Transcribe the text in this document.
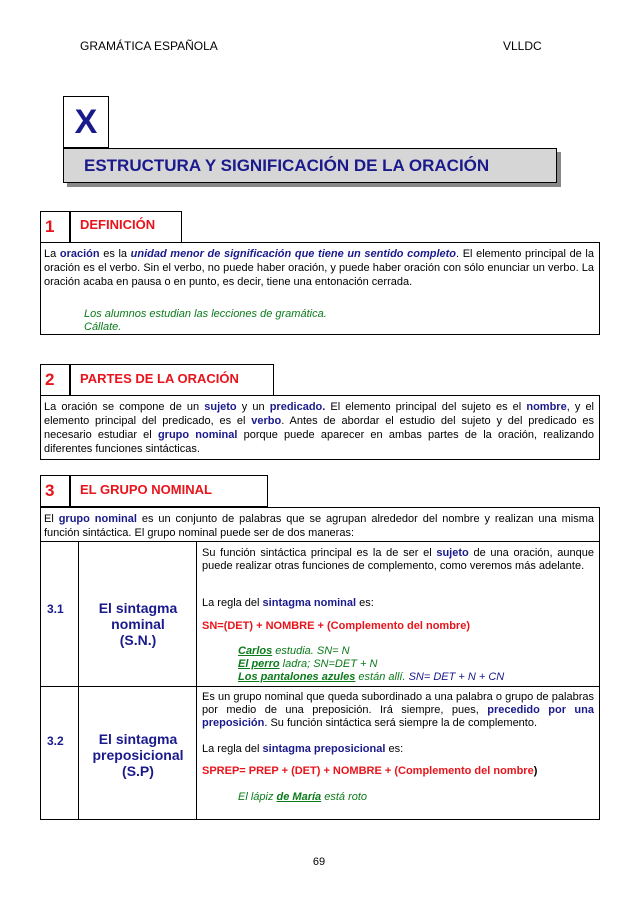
GRAMÁTICA ESPAÑOLA	VLLDC
X
ESTRUCTURA Y SIGNIFICACIÓN DE LA ORACIÓN
1	DEFINICIÓN
La oración es la unidad menor de significación que tiene un sentido completo. El elemento principal de la oración es el verbo. Sin el verbo, no puede haber oración, y puede haber oración con sólo enunciar un verbo. La oración acaba en pausa o en punto, es decir, tiene una entonación cerrada.
Los alumnos estudian las lecciones de gramática.
Cállate.
2	PARTES DE LA ORACIÓN
La oración se compone de un sujeto y un predicado. El elemento principal del sujeto es el nombre, y el elemento principal del predicado, es el verbo. Antes de abordar el estudio del sujeto y del predicado es necesario estudiar el grupo nominal porque puede aparecer en ambas partes de la oración, realizando diferentes funciones sintácticas.
3	EL GRUPO NOMINAL
El grupo nominal es un conjunto de palabras que se agrupan alrededor del nombre y realizan una misma función sintáctica. El grupo nominal puede ser de dos maneras:
3.1	El sintagma
nominal
(S.N.)
Su función sintáctica principal es la de ser el sujeto de una oración, aunque puede realizar otras funciones de complemento, como veremos más adelante.
La regla del sintagma nominal es:
SN=(DET) + NOMBRE + (Complemento del nombre)
Carlos estudia. SN= N
El perro ladra; SN=DET + N
Los pantalones azules están allí. SN= DET + N + CN
3.2	El sintagma
preposicional
(S.P)
Es un grupo nominal que queda subordinado a una palabra o grupo de palabras por medio de una preposición. Irá siempre, pues, precedido por una preposición. Su función sintáctica será siempre la de complemento.
La regla del sintagma preposicional es:
SPREP= PREP + (DET) + NOMBRE + (Complemento del nombre)
El lápiz de María está roto
69
